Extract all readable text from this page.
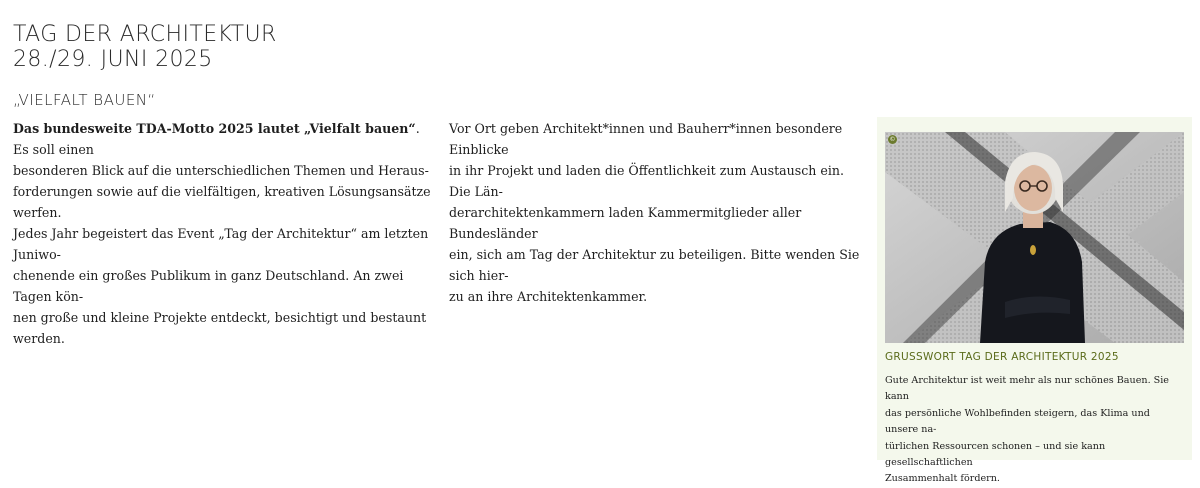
TAG DER ARCHITEKTUR
28./29. JUNI 2025
„VIELFALT BAUEN“

Das bundesweite TDA-Motto 2025 lautet „Vielfalt bauen“. Es soll einen

besonderen Blick auf die unterschiedlichen Themen und Heraus-

forderungen sowie auf die vielfältigen, kreativen Lösungsansätze werfen.

Jedes Jahr begeistert das Event „Tag der Architektur“ am letzten Juniwo-

chenende ein großes Publikum in ganz Deutschland. An zwei Tagen kön-

nen große und kleine Projekte entdeckt, besichtigt und bestaunt werden.

Vor Ort geben Architekt*innen und Bauherr*innen besondere Einblicke

in ihr Projekt und laden die Öffentlichkeit zum Austausch ein. Die Län-

derarchitektenkammern laden Kammermitglieder aller Bundesländer

ein, sich am Tag der Architektur zu beteiligen. Bitte wenden Sie sich hier-

zu an ihre Architektenkammer.

©
GRUSSWORT TAG DER ARCHITEKTUR 2025
Gute Architektur ist weit mehr als nur schönes Bauen. Sie kann
das persönliche Wohlbefinden steigern, das Klima und unsere na-
türlichen Ressourcen schonen – und sie kann gesellschaftlichen
Zusammenhalt fördern.
